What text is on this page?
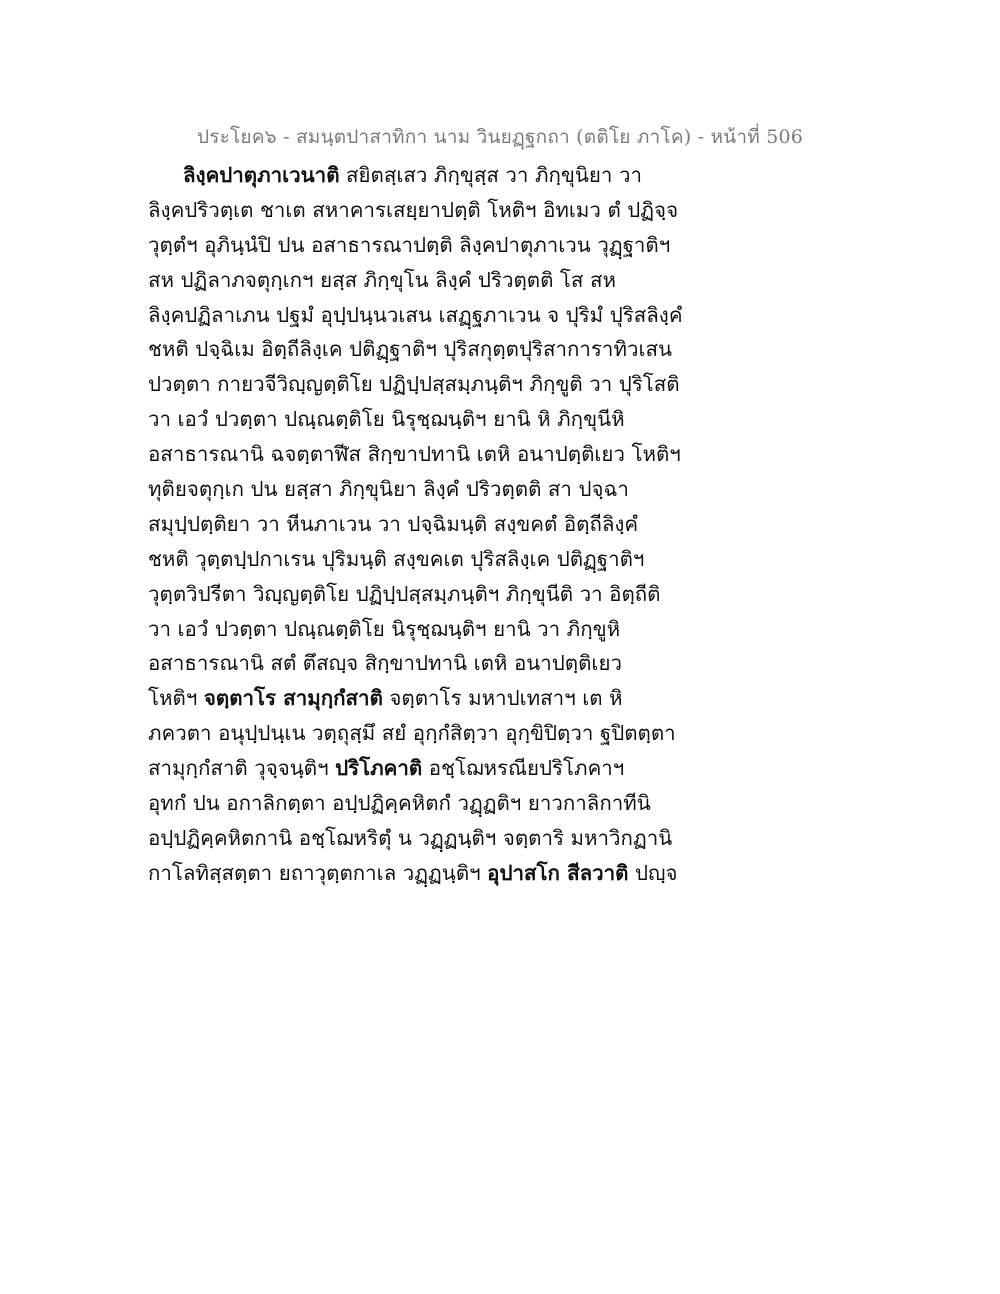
ประโยค๖ - สมนฺตปาสาทิกา นาม วินยฏฺฐกถา (ตติโย ภาโค) - หน้าที่ 506
ลิงฺคปาตุภาเวนาติ สยิตสฺเสว ภิกฺขุสฺส วา ภิกฺขุนิยา วา
ลิงฺคปริวตฺเต ชาเต สหาคารเสยฺยาปตฺติ โหติฯ อิทเมว ตํ ปฏิจฺจ
วุตฺตํฯ อุภินฺนํปิ ปน อสาธารณาปตฺติ ลิงฺคปาตุภาเวน วุฏฺฐาติฯ
สห ปฏิลาภจตุกฺเกฯ ยสฺส ภิกฺขุโน ลิงฺคํ ปริวตฺตติ โส สห
ลิงฺคปฏิลาเภน ปฐมํ อุปฺปนฺนวเสน เสฏฺฐภาเวน จ ปุริมํ ปุริสลิงฺคํ
ชหติ ปจฺฉิเม อิตฺถีลิงฺเค ปติฏฺฐาติฯ ปุริสกุตฺตปุริสาการาทิวเสน
ปวตฺตา กายวจีวิญฺญตฺติโย ปฏิปฺปสฺสมฺภนฺติฯ ภิกฺขูติ วา ปุริโสติ
วา เอวํ ปวตฺตา ปณฺณตฺติโย นิรุชฺฌนฺติฯ ยานิ หิ ภิกฺขุนีหิ
อสาธารณานิ ฉจตฺตาฬีส สิกฺขาปทานิ เตหิ อนาปตฺติเยว โหติฯ
ทุติยจตุกฺเก ปน ยสฺสา ภิกฺขุนิยา ลิงฺคํ ปริวตฺตติ สา ปจฺฉา
สมุปฺปตฺติยา วา หีนภาเวน วา ปจฺฉิมนฺติ สงฺขคตํ อิตฺถีลิงฺคํ
ชหติ วุตฺตปฺปกาเรน ปุริมนฺติ สงฺขคเต ปุริสลิงฺเค ปติฏฺฐาติฯ
วุตฺตวิปรีตา วิญฺญตฺติโย ปฏิปฺปสฺสมฺภนฺติฯ ภิกฺขุนีติ วา อิตฺถีติ
วา เอวํ ปวตฺตา ปณฺณตฺติโย นิรุชฺฌนฺติฯ ยานิ วา ภิกฺขูหิ
อสาธารณานิ สตํ ตึสญฺจ สิกฺขาปทานิ เตหิ อนาปตฺติเยว
โหติฯ จตฺตาโร สามุกฺกํสาติ จตฺตาโร มหาปเทสาฯ เต หิ
ภควตา อนุปฺปนฺเน วตฺถุสฺมึ สยํ อุกฺกํสิตฺวา อุกฺขิปิตฺวา ฐปิตตฺตา
สามุกฺกํสาติ วุจฺจนฺติฯ ปริโภคาติ อชฺโฌหรณียปริโภคาฯ
อุทกํ ปน อกาลิกตฺตา อปฺปฏิคฺคหิตกํ วฏฺฏติฯ ยาวกาลิกาทีนิ
อปฺปฏิคฺคหิตกานิ อชฺโฌหริตุํ น วฏฺฏนฺติฯ จตฺตาริ มหาวิกฏานิ
กาโลทิสฺสตฺตา ยถาวุตฺตกาเล วฏฺฏนฺติฯ อุปาสโก สีลวาติ ปญฺจ
